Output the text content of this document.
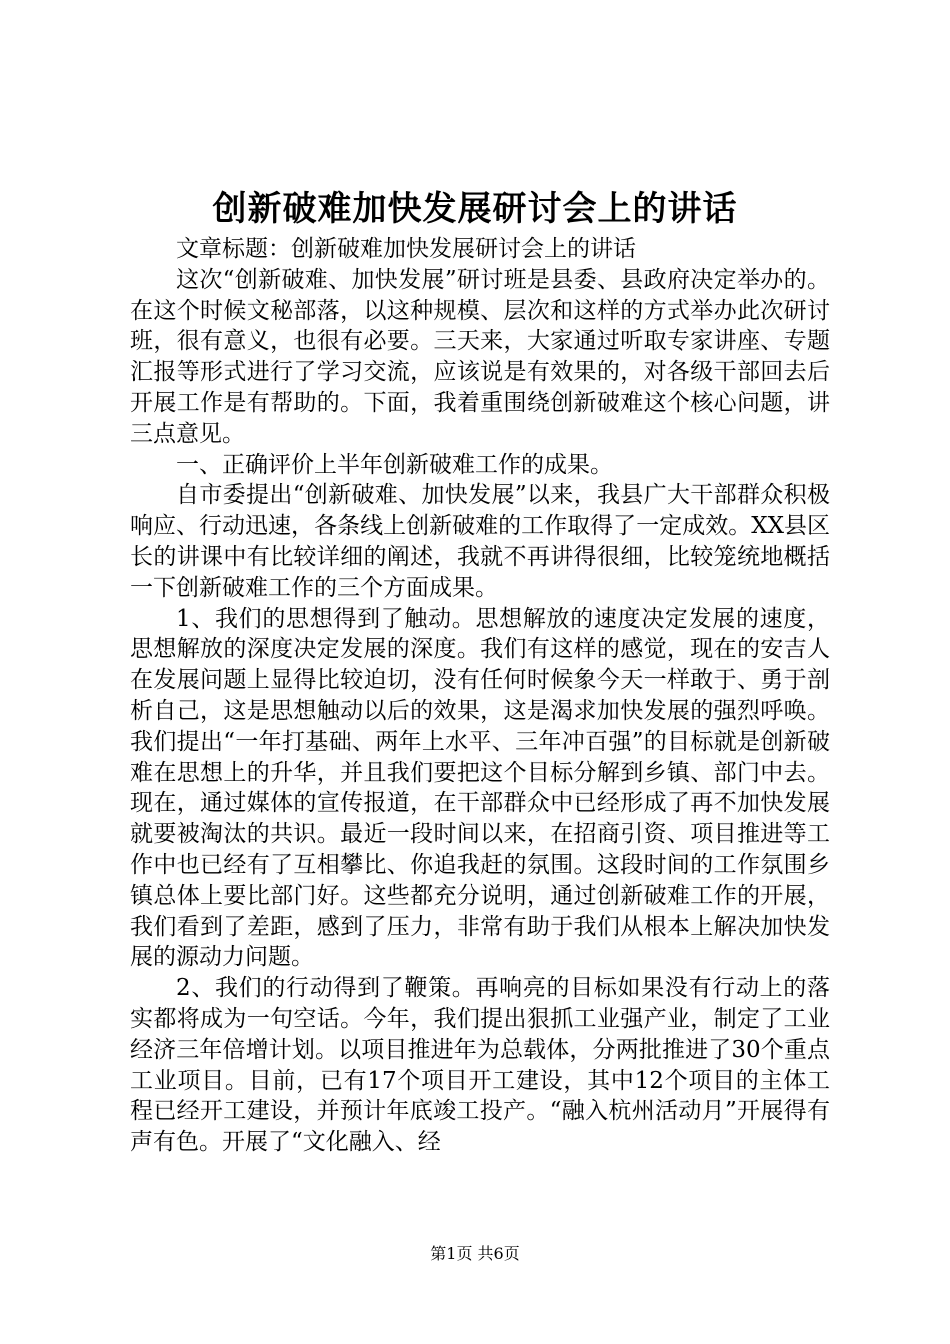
创新破难加快发展研讨会上的讲话

文章标题：创新破难加快发展研讨会上的讲话

这次“创新破难、加快发展”研讨班是县委、县政府决定举办的。在这个时候文秘部落，以这种规模、层次和这样的方式举办此次研讨班，很有意义，也很有必要。三天来，大家通过听取专家讲座、专题汇报等形式进行了学习交流，应该说是有效果的，对各级干部回去后开展工作是有帮助的。下面，我着重围绕创新破难这个核心问题，讲三点意见。

一、正确评价上半年创新破难工作的成果。

自市委提出“创新破难、加快发展”以来，我县广大干部群众积极响应、行动迅速，各条线上创新破难的工作取得了一定成效。XX县区长的讲课中有比较详细的阐述，我就不再讲得很细，比较笼统地概括一下创新破难工作的三个方面成果。

1、我们的思想得到了触动。思想解放的速度决定发展的速度，思想解放的深度决定发展的深度。我们有这样的感觉，现在的安吉人在发展问题上显得比较迫切，没有任何时候象今天一样敢于、勇于剖析自己，这是思想触动以后的效果，这是渴求加快发展的强烈呼唤。我们提出“一年打基础、两年上水平、三年冲百强”的目标就是创新破难在思想上的升华，并且我们要把这个目标分解到乡镇、部门中去。现在，通过媒体的宣传报道，在干部群众中已经形成了再不加快发展就要被淘汰的共识。最近一段时间以来，在招商引资、项目推进等工作中也已经有了互相攀比、你追我赶的氛围。这段时间的工作氛围乡镇总体上要比部门好。这些都充分说明，通过创新破难工作的开展，我们看到了差距，感到了压力，非常有助于我们从根本上解决加快发展的源动力问题。

2、我们的行动得到了鞭策。再响亮的目标如果没有行动上的落实都将成为一句空话。今年，我们提出狠抓工业强产业，制定了工业经济三年倍增计划。以项目推进年为总载体，分两批推进了30个重点工业项目。目前，已有17个项目开工建设，其中12个项目的主体工程已经开工建设，并预计年底竣工投产。“融入杭州活动月”开展得有声有色。开展了“文化融入、经

第1页 共6页
